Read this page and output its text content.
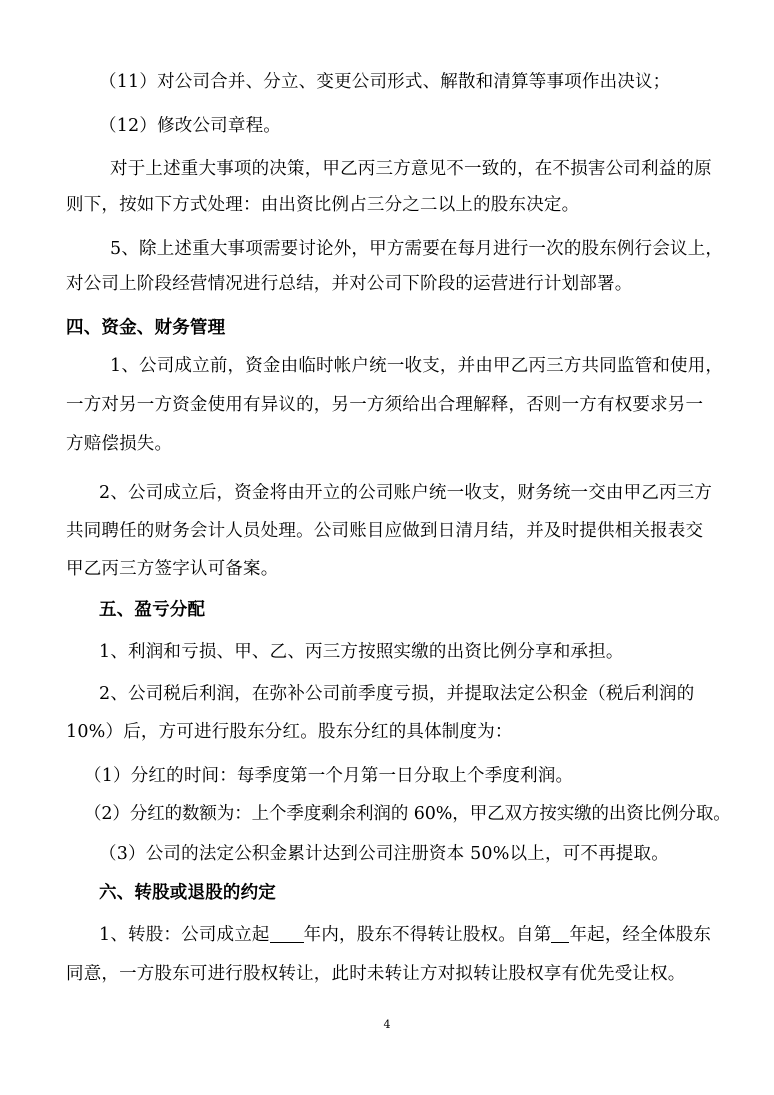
（11）对公司合并、分立、变更公司形式、解散和清算等事项作出决议；
（12）修改公司章程。
对于上述重大事项的决策，甲乙丙三方意见不一致的，在不损害公司利益的原
则下，按如下方式处理：由出资比例占三分之二以上的股东决定。
5、除上述重大事项需要讨论外，甲方需要在每月进行一次的股东例行会议上，
对公司上阶段经营情况进行总结，并对公司下阶段的运营进行计划部署。
四、资金、财务管理
1、公司成立前，资金由临时帐户统一收支，并由甲乙丙三方共同监管和使用，
一方对另一方资金使用有异议的，另一方须给出合理解释，否则一方有权要求另一
方赔偿损失。
2、公司成立后，资金将由开立的公司账户统一收支，财务统一交由甲乙丙三方
共同聘任的财务会计人员处理。公司账目应做到日清月结，并及时提供相关报表交
甲乙丙三方签字认可备案。
五、盈亏分配
1、利润和亏损、甲、乙、丙三方按照实缴的出资比例分享和承担。
2、公司税后利润，在弥补公司前季度亏损，并提取法定公积金（税后利润的
10%）后，方可进行股东分红。股东分红的具体制度为：
（1）分红的时间：每季度第一个月第一日分取上个季度利润。
（2）分红的数额为：上个季度剩余利润的 60%，甲乙双方按实缴的出资比例分取。
（3）公司的法定公积金累计达到公司注册资本 50%以上，可不再提取。
六、转股或退股的约定
1、转股：公司成立起 年内，股东不得转让股权。自第 年起，经全体股东
同意，一方股东可进行股权转让，此时未转让方对拟转让股权享有优先受让权。
4
